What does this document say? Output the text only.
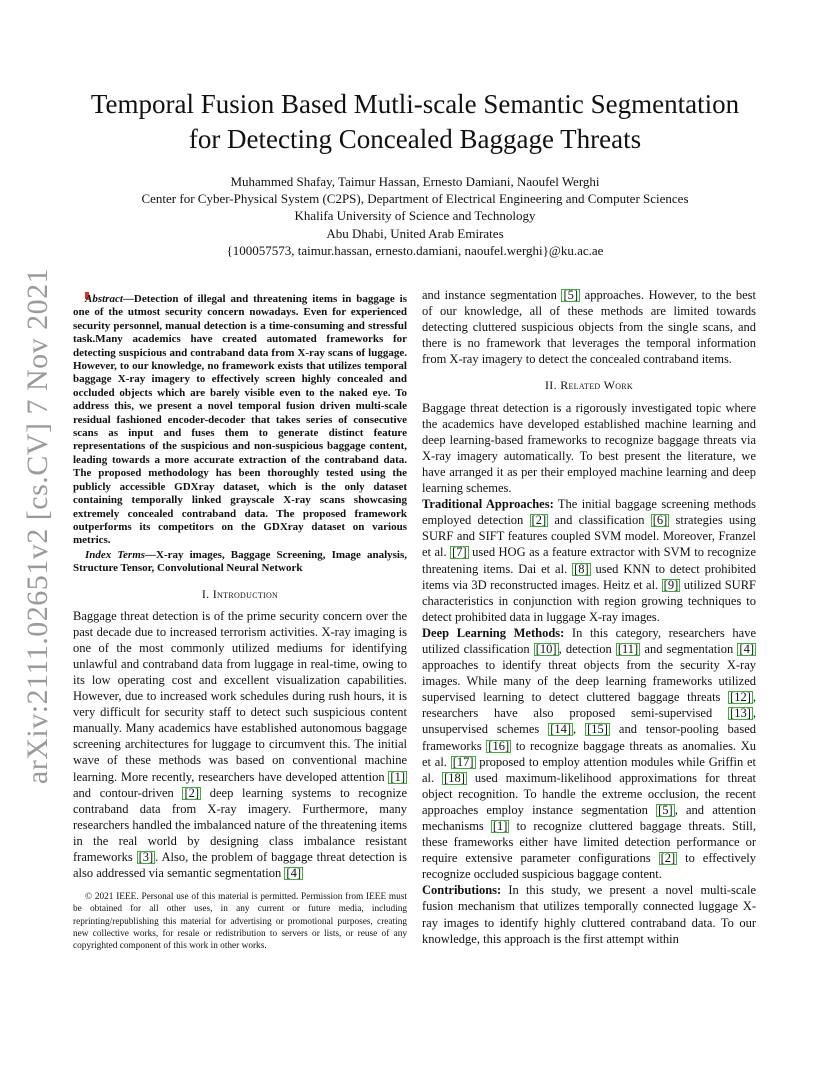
arXiv:2111.02651v2 [cs.CV] 7 Nov 2021
Temporal Fusion Based Mutli-scale Semantic Segmentation
for Detecting Concealed Baggage Threats
Muhammed Shafay, Taimur Hassan, Ernesto Damiani, Naoufel Werghi
Center for Cyber-Physical System (C2PS), Department of Electrical Engineering and Computer Sciences
Khalifa University of Science and Technology
Abu Dhabi, United Arab Emirates
{100057573, taimur.hassan, ernesto.damiani, naoufel.werghi}@ku.ac.ae

Abstract—Detection of illegal and threatening items in baggage is one of the utmost security concern nowadays. Even for experienced security personnel, manual detection is a time-consuming and stressful task.Many academics have created automated frameworks for detecting suspicious and contraband data from X-ray scans of luggage. However, to our knowledge, no framework exists that utilizes temporal baggage X-ray imagery to effectively screen highly concealed and occluded objects which are barely visible even to the naked eye. To address this, we present a novel temporal fusion driven multi-scale residual fashioned encoder-decoder that takes series of consecutive scans as input and fuses them to generate distinct feature representations of the suspicious and non-suspicious baggage content, leading towards a more accurate extraction of the contraband data. The proposed methodology has been thoroughly tested using the publicly accessible GDXray dataset, which is the only dataset containing temporally linked grayscale X-ray scans showcasing extremely concealed contraband data. The proposed framework outperforms its competitors on the GDXray dataset on various metrics.

Index Terms—X-ray images, Baggage Screening, Image analysis, Structure Tensor, Convolutional Neural Network

I. Introduction

Baggage threat detection is of the prime security concern over the past decade due to increased terrorism activities. X-ray imaging is one of the most commonly utilized mediums for identifying unlawful and contraband data from luggage in real-time, owing to its low operating cost and excellent visualization capabilities. However, due to increased work schedules during rush hours, it is very difficult for security staff to detect such suspicious content manually. Many academics have established autonomous baggage screening architectures for luggage to circumvent this. The initial wave of these methods was based on conventional machine learning. More recently, researchers have developed attention [1] and contour-driven [2] deep learning systems to recognize contraband data from X-ray imagery. Furthermore, many researchers handled the imbalanced nature of the threatening items in the real world by designing class imbalance resistant frameworks [3] . Also, the problem of baggage threat detection is also addressed via semantic segmentation [4]

© 2021 IEEE. Personal use of this material is permitted. Permission from IEEE must be obtained for all other uses, in any current or future media, including reprinting/republishing this material for advertising or promotional purposes, creating new collective works, for resale or redistribution to servers or lists, or reuse of any copyrighted component of this work in other works.

and instance segmentation [5] approaches. However, to the best of our knowledge, all of these methods are limited towards detecting cluttered suspicious objects from the single scans, and there is no framework that leverages the temporal information from X-ray imagery to detect the concealed contraband items.

II. Related Work

Baggage threat detection is a rigorously investigated topic where the academics have developed established machine learning and deep learning-based frameworks to recognize baggage threats via X-ray imagery automatically. To best present the literature, we have arranged it as per their employed machine learning and deep learning schemes.

Traditional Approaches: The initial baggage screening methods employed detection [2] and classification [6] strategies using SURF and SIFT features coupled SVM model. Moreover, Franzel et al. [7] used HOG as a feature extractor with SVM to recognize threatening items. Dai et al. [8] used KNN to detect prohibited items via 3D reconstructed images. Heitz et al. [9] utilized SURF characteristics in conjunction with region growing techniques to detect prohibited data in luggage X-ray images.

Deep Learning Methods: In this category, researchers have utilized classification [10] , detection [11] and segmentation [4] approaches to identify threat objects from the security X-ray images. While many of the deep learning frameworks utilized supervised learning to detect cluttered baggage threats [12] , researchers have also proposed semi-supervised [13] , unsupervised schemes [14] , [15] and tensor-pooling based frameworks [16] to recognize baggage threats as anomalies. Xu et al. [17] proposed to employ attention modules while Griffin et al. [18] used maximum-likelihood approximations for threat object recognition. To handle the extreme occlusion, the recent approaches employ instance segmentation [5] , and attention mechanisms [1] to recognize cluttered baggage threats. Still, these frameworks either have limited detection performance or require extensive parameter configurations [2] to effectively recognize occluded suspicious baggage content.

Contributions: In this study, we present a novel multi-scale fusion mechanism that utilizes temporally connected luggage X-ray images to identify highly cluttered contraband data. To our knowledge, this approach is the first attempt within
